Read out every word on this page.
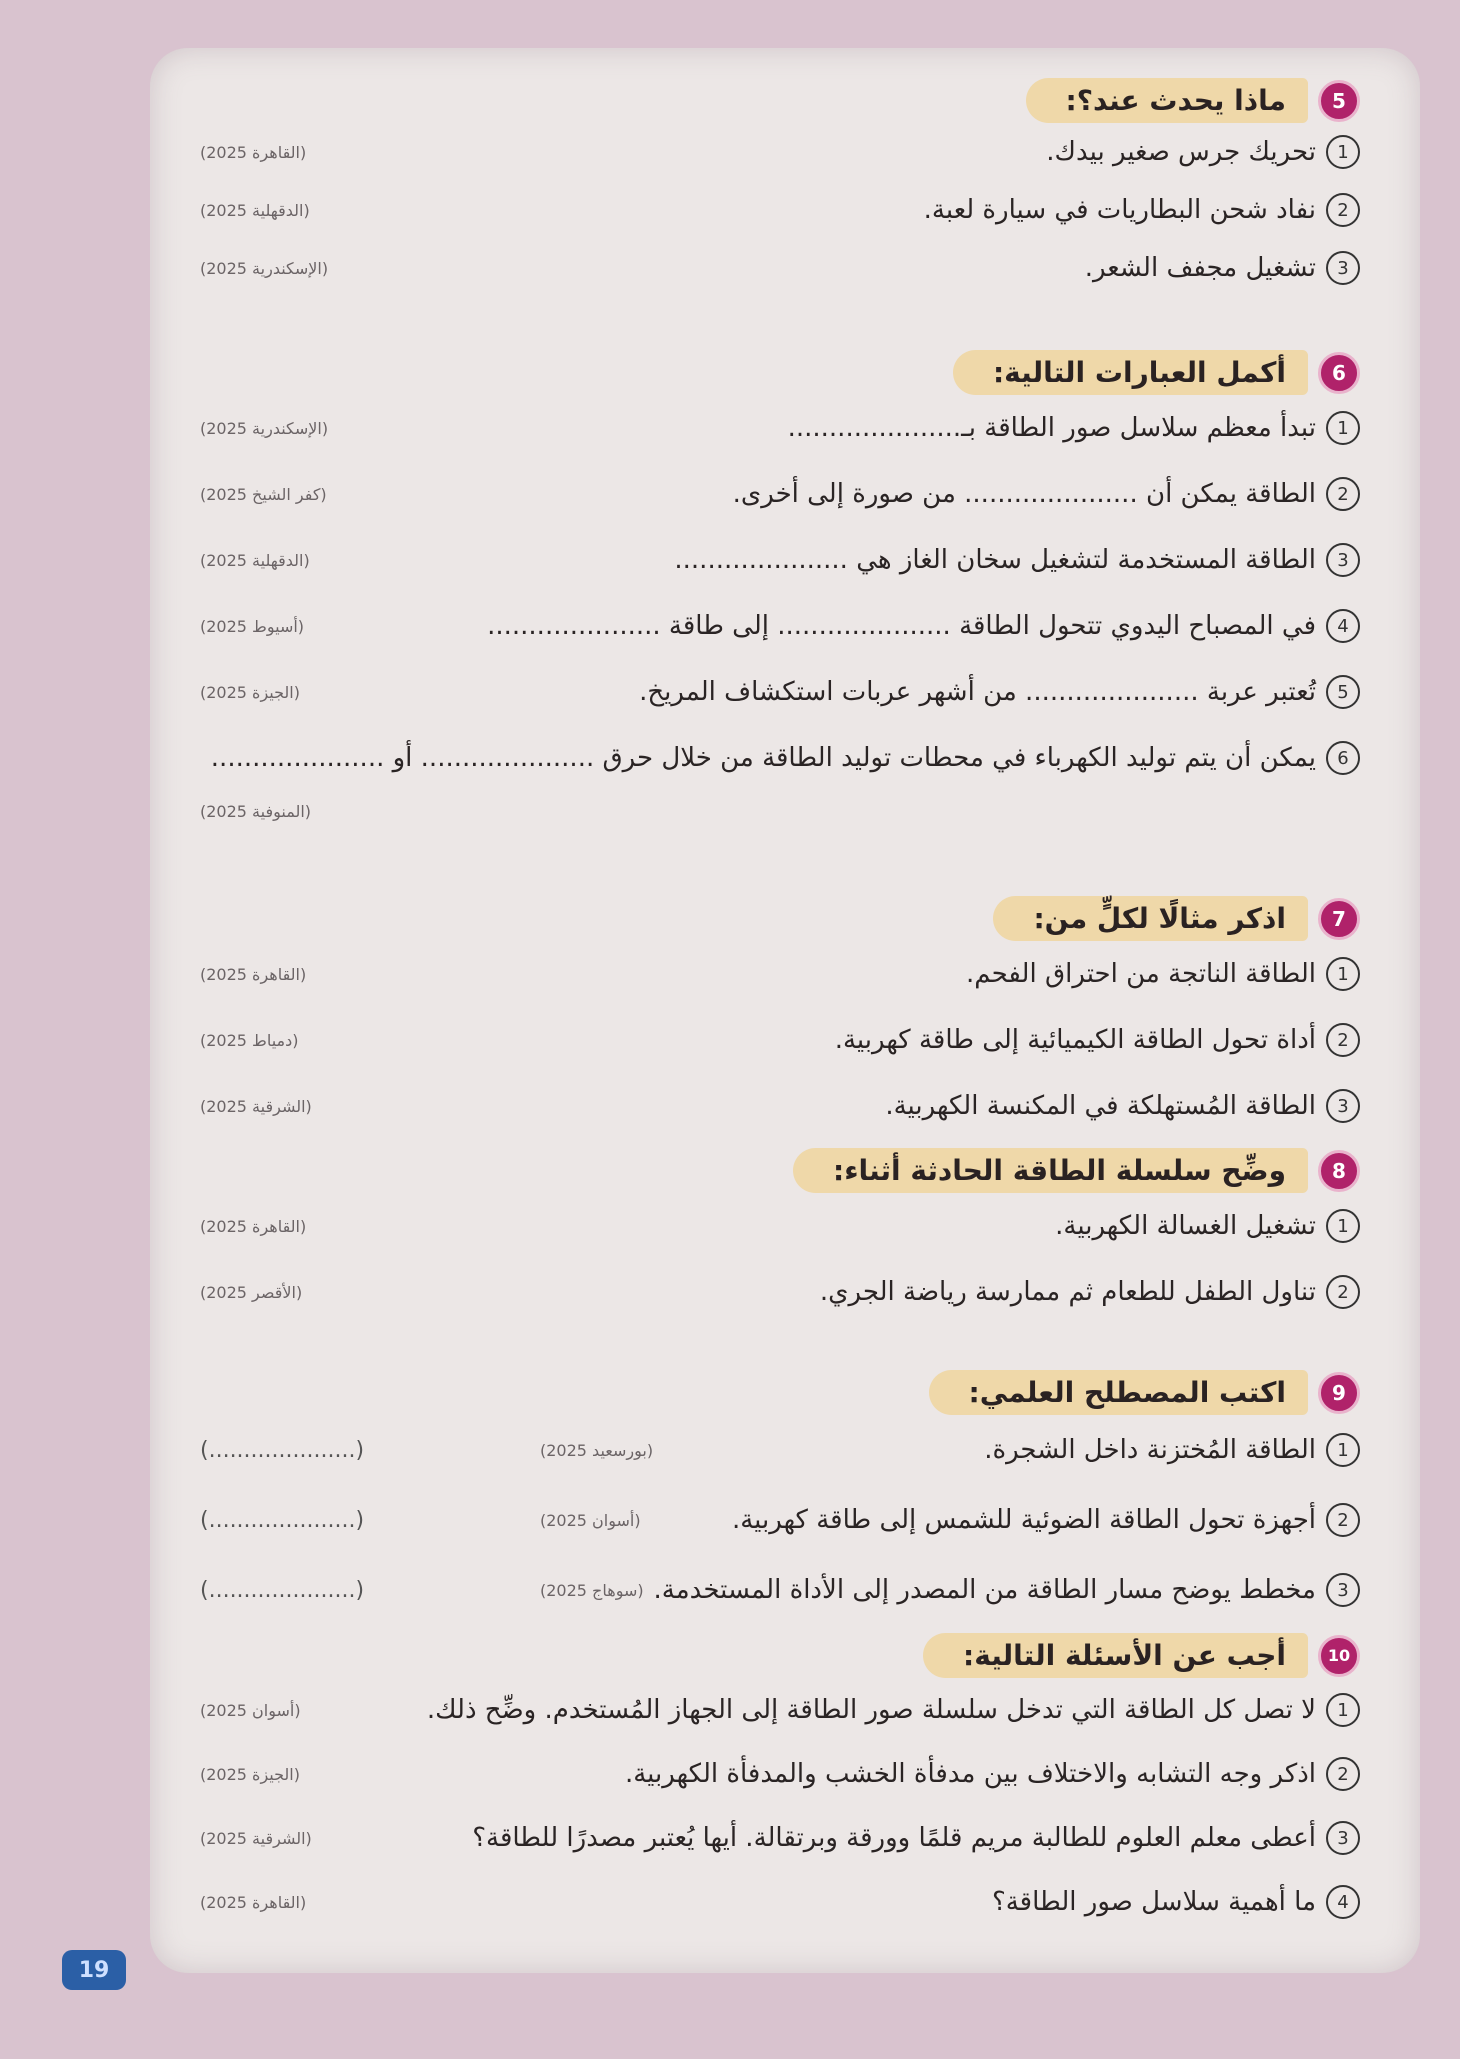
5
ماذا يحدث عند؟:
1
تحريك جرس صغير بيدك.
(القاهرة 2025)
2
نفاد شحن البطاريات في سيارة لعبة.
(الدقهلية 2025)
3
تشغيل مجفف الشعر.
(الإسكندرية 2025)
6
أكمل العبارات التالية:
1
تبدأ معظم سلاسل صور الطاقة بـ.....................
(الإسكندرية 2025)
2
الطاقة يمكن أن ..................... من صورة إلى أخرى.
(كفر الشيخ 2025)
3
الطاقة المستخدمة لتشغيل سخان الغاز هي .....................
(الدقهلية 2025)
4
في المصباح اليدوي تتحول الطاقة ..................... إلى طاقة .....................
(أسيوط 2025)
5
تُعتبر عربة ..................... من أشهر عربات استكشاف المريخ.
(الجيزة 2025)
6
يمكن أن يتم توليد الكهرباء في محطات توليد الطاقة من خلال حرق ..................... أو .....................
(المنوفية 2025)
7
اذكر مثالًا لكلٍّ من:
1
الطاقة الناتجة من احتراق الفحم.
(القاهرة 2025)
2
أداة تحول الطاقة الكيميائية إلى طاقة كهربية.
(دمياط 2025)
3
الطاقة المُستهلكة في المكنسة الكهربية.
(الشرقية 2025)
8
وضِّح سلسلة الطاقة الحادثة أثناء:
1
تشغيل الغسالة الكهربية.
(القاهرة 2025)
2
تناول الطفل للطعام ثم ممارسة رياضة الجري.
(الأقصر 2025)
9
اكتب المصطلح العلمي:
1
الطاقة المُختزنة داخل الشجرة.
(بورسعيد 2025)
(.....................)
2
أجهزة تحول الطاقة الضوئية للشمس إلى طاقة كهربية.
(أسوان 2025)
(.....................)
3
مخطط يوضح مسار الطاقة من المصدر إلى الأداة المستخدمة.
(سوهاج 2025)
(.....................)
10
أجب عن الأسئلة التالية:
1
لا تصل كل الطاقة التي تدخل سلسلة صور الطاقة إلى الجهاز المُستخدم. وضِّح ذلك.
(أسوان 2025)
2
اذكر وجه التشابه والاختلاف بين مدفأة الخشب والمدفأة الكهربية.
(الجيزة 2025)
3
أعطى معلم العلوم للطالبة مريم قلمًا وورقة وبرتقالة. أيها يُعتبر مصدرًا للطاقة؟
(الشرقية 2025)
4
ما أهمية سلاسل صور الطاقة؟
(القاهرة 2025)
19
